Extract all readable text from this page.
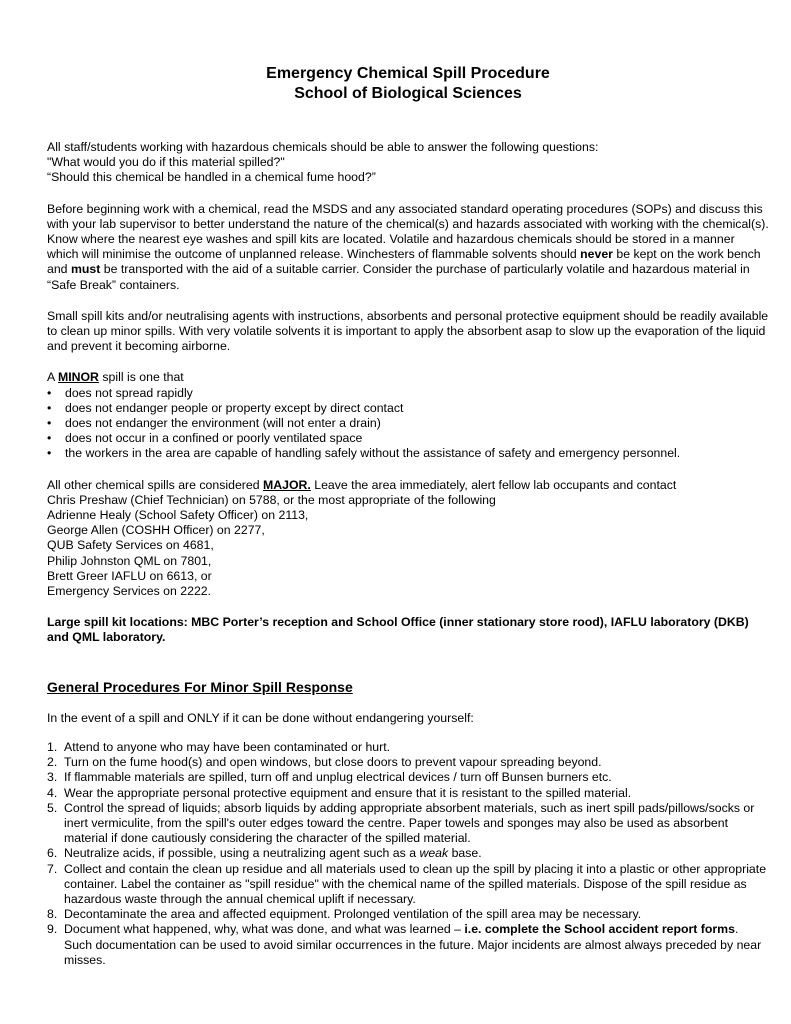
Emergency Chemical Spill Procedure
School of Biological Sciences

All staff/students working with hazardous chemicals should be able to answer the following questions:
"What would you do if this material spilled?"
“Should this chemical be handled in a chemical fume hood?”

Before beginning work with a chemical, read the MSDS and any associated standard operating procedures (SOPs) and discuss this with your lab supervisor to better understand the nature of the chemical(s) and hazards associated with working with the chemical(s). Know where the nearest eye washes and spill kits are located. Volatile and hazardous chemicals should be stored in a manner which will minimise the outcome of unplanned release. Winchesters of flammable solvents should never be kept on the work bench and must be transported with the aid of a suitable carrier. Consider the purchase of particularly volatile and hazardous material in “Safe Break” containers.

Small spill kits and/or neutralising agents with instructions, absorbents and personal protective equipment should be readily available to clean up minor spills. With very volatile solvents it is important to apply the absorbent asap to slow up the evaporation of the liquid and prevent it becoming airborne.

A MINOR spill is one that

• does not spread rapidly
• does not endanger people or property except by direct contact
• does not endanger the environment (will not enter a drain)
• does not occur in a confined or poorly ventilated space
• the workers in the area are capable of handling safely without the assistance of safety and emergency personnel.

All other chemical spills are considered MAJOR. Leave the area immediately, alert fellow lab occupants and contact
Chris Preshaw (Chief Technician) on 5788, or the most appropriate of the following
Adrienne Healy (School Safety Officer) on 2113,
George Allen (COSHH Officer) on 2277,
QUB Safety Services on 4681,
Philip Johnston QML on 7801,
Brett Greer IAFLU on 6613, or
Emergency Services on 2222.

Large spill kit locations: MBC Porter’s reception and School Office (inner stationary store rood), IAFLU laboratory (DKB) and QML laboratory.

General Procedures For Minor Spill Response

In the event of a spill and ONLY if it can be done without endangering yourself:

1. Attend to anyone who may have been contaminated or hurt.
2. Turn on the fume hood(s) and open windows, but close doors to prevent vapour spreading beyond.
3. If flammable materials are spilled, turn off and unplug electrical devices / turn off Bunsen burners etc.
4. Wear the appropriate personal protective equipment and ensure that it is resistant to the spilled material.
5. Control the spread of liquids; absorb liquids by adding appropriate absorbent materials, such as inert spill pads/pillows/socks or inert vermiculite, from the spill's outer edges toward the centre. Paper towels and sponges may also be used as absorbent material if done cautiously considering the character of the spilled material.
6. Neutralize acids, if possible, using a neutralizing agent such as a weak base.
7. Collect and contain the clean up residue and all materials used to clean up the spill by placing it into a plastic or other appropriate container. Label the container as "spill residue" with the chemical name of the spilled materials. Dispose of the spill residue as hazardous waste through the annual chemical uplift if necessary.
8. Decontaminate the area and affected equipment. Prolonged ventilation of the spill area may be necessary.
9. Document what happened, why, what was done, and what was learned – i.e. complete the School accident report forms. Such documentation can be used to avoid similar occurrences in the future. Major incidents are almost always preceded by near misses.
